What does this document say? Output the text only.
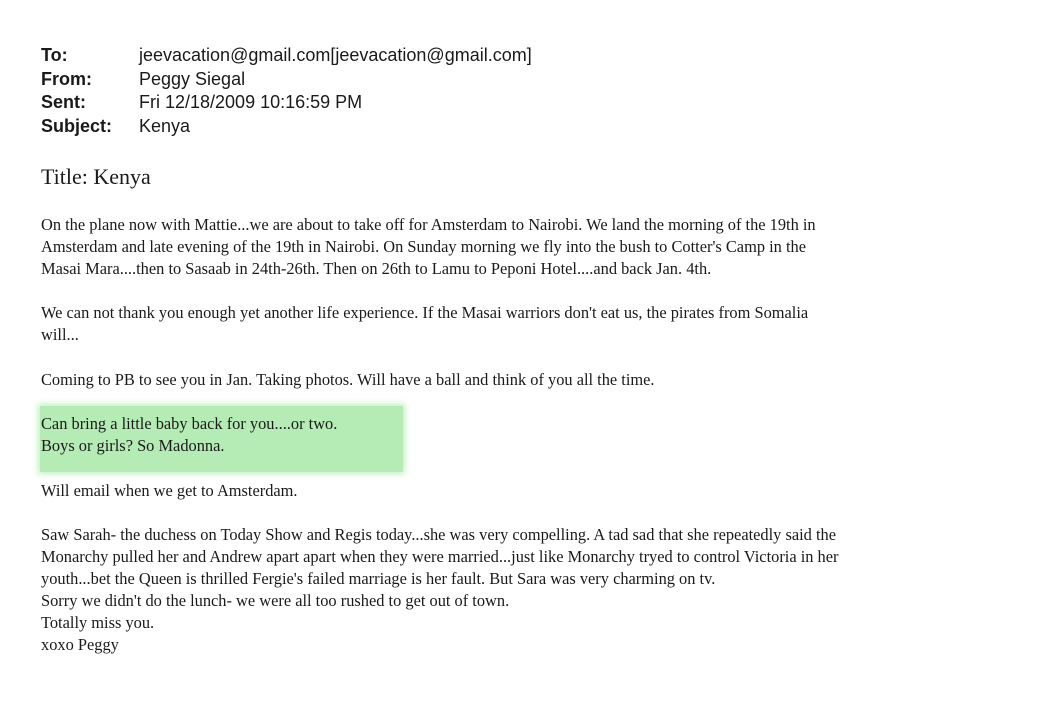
To:	jeevacation@gmail.com[jeevacation@gmail.com]
From:	Peggy Siegal
Sent:	Fri 12/18/2009 10:16:59 PM
Subject:	Kenya
Title: Kenya
On the plane now with Mattie...we are about to take off for Amsterdam to Nairobi. We land the morning of the 19th in
Amsterdam and late evening of the 19th in Nairobi. On Sunday morning we fly into the bush to Cotter's Camp in the
Masai Mara....then to Sasaab in 24th-26th. Then on 26th to Lamu to Peponi Hotel....and back Jan. 4th.
We can not thank you enough yet another life experience. If the Masai warriors don't eat us, the pirates from Somalia
will...
Coming to PB to see you in Jan. Taking photos. Will have a ball and think of you all the time.
Can bring a little baby back for you....or two.
Boys or girls? So Madonna.
Will email when we get to Amsterdam.
Saw Sarah- the duchess on Today Show and Regis today...she was very compelling. A tad sad that she repeatedly said the
Monarchy pulled her and Andrew apart apart when they were married...just like Monarchy tryed to control Victoria in her
youth...bet the Queen is thrilled Fergie's failed marriage is her fault. But Sara was very charming on tv.
Sorry we didn't do the lunch- we were all too rushed to get out of town.
Totally miss you.
xoxo Peggy
